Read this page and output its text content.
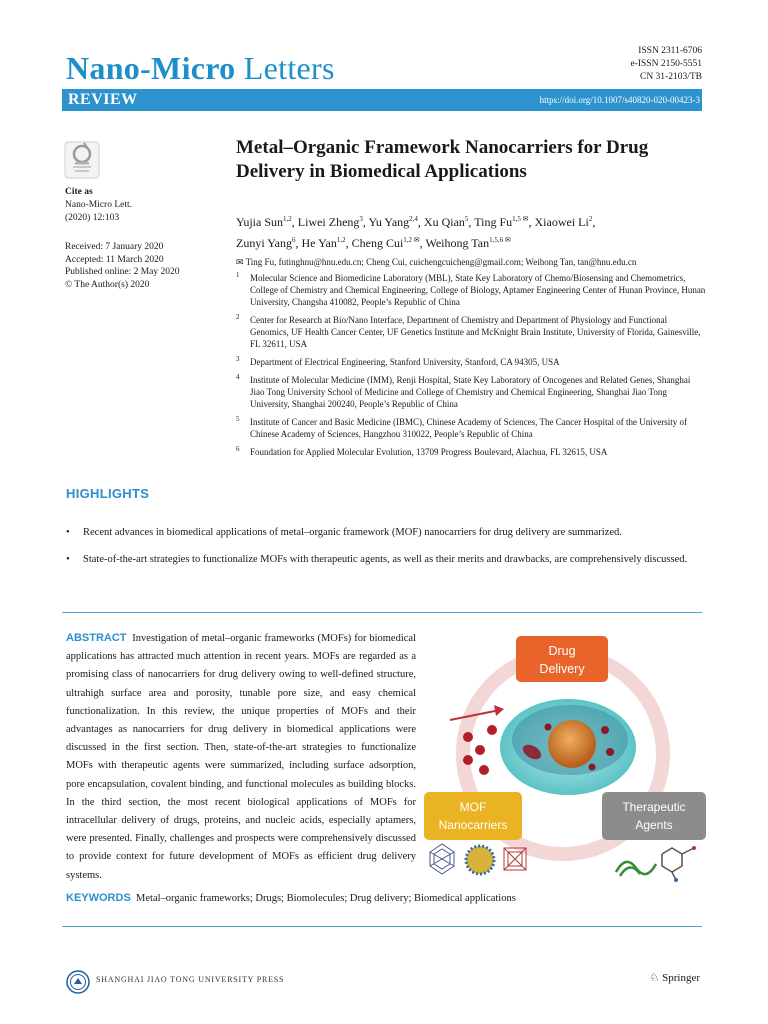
Nano-Micro Letters	ISSN 2311-6706
e-ISSN 2150-5551
CN 31-2103/TB
REVIEW	https://doi.org/10.1007/s40820-020-00423-3
Cite as
Nano-Micro Lett.
(2020) 12:103
Received: 7 January 2020
Accepted: 11 March 2020
Published online: 2 May 2020
© The Author(s) 2020
Metal–Organic Framework Nanocarriers for Drug Delivery in Biomedical Applications
Yujia Sun$^{1,2}$, Liwei Zheng$^3$, Yu Yang$^{2,4}$, Xu Qian$^5$, Ting $Fu^{1,5 ✉}$, Xiaowei Li$^2$,
Zunyi Yang$^6$, He Yan$^{1,2}$, Cheng Cui$^{1,2 ✉}$, Weihong Tan$^{1,5,6 ✉}$
✉ Ting Fu, futinghnu@hnu.edu.cn; Cheng Cui, cuichengcuicheng@gmail.com; Weihong Tan, tan@hnu.edu.cn
1 Molecular Science and Biomedicine Laboratory (MBL), State Key Laboratory of Chemo/Biosensing and Chemometrics, College of Chemistry and Chemical Engineering, College of Biology, Aptamer Engineering Center of Hunan Province, Hunan University, Changsha 410082, People’s Republic of China
2 Center for Research at Bio/Nano Interface, Department of Chemistry and Department of Physiology and Functional Genomics, UF Health Cancer Center, UF Genetics Institute and McKnight Brain Institute, University of Florida, Gainesville, FL 32611, USA
3 Department of Electrical Engineering, Stanford University, Stanford, CA 94305, USA
4 Institute of Molecular Medicine (IMM), Renji Hospital, State Key Laboratory of Oncogenes and Related Genes, Shanghai Jiao Tong University School of Medicine and College of Chemistry and Chemical Engineering, Shanghai Jiao Tong University, Shanghai 200240, People’s Republic of China
5 Institute of Cancer and Basic Medicine (IBMC), Chinese Academy of Sciences, The Cancer Hospital of the University of Chinese Academy of Sciences, Hangzhou 310022, People’s Republic of China
6 Foundation for Applied Molecular Evolution, 13709 Progress Boulevard, Alachua, FL 32615, USA
HIGHLIGHTS
• Recent advances in biomedical applications of metal–organic framework (MOF) nanocarriers for drug delivery are summarized.
• State-of-the-art strategies to functionalize MOFs with therapeutic agents, as well as their merits and drawbacks, are comprehensively discussed.
ABSTRACT Investigation of metal–organic frameworks (MOFs) for biomedical applications has attracted much attention in recent years. MOFs are regarded as a promising class of nanocarriers for drug delivery owing to well-defined structure, ultrahigh surface area and porosity, tunable pore size, and easy chemical functionalization. In this review, the unique properties of MOFs and their advantages as nanocarriers for drug delivery in biomedical applications were discussed in the first section. Then, state-of-the-art strategies to functionalize MOFs with therapeutic agents were summarized, including surface adsorption, pore encapsulation, covalent binding, and functional molecules as building blocks. In the third section, the most recent biological applications of MOFs for intracellular delivery of drugs, proteins, and nucleic acids, especially aptamers, were presented. Finally, challenges and prospects were comprehensively discussed to provide context for future development of MOFs as efficient drug delivery systems.
Drug
Delivery
MOF
Nanocarriers
Therapeutic
Agents
KEYWORDS Metal–organic frameworks; Drugs; Biomolecules; Drug delivery; Biomedical applications
SHANGHAI JIAO TONG UNIVERSITY PRESS	♘ Springer
